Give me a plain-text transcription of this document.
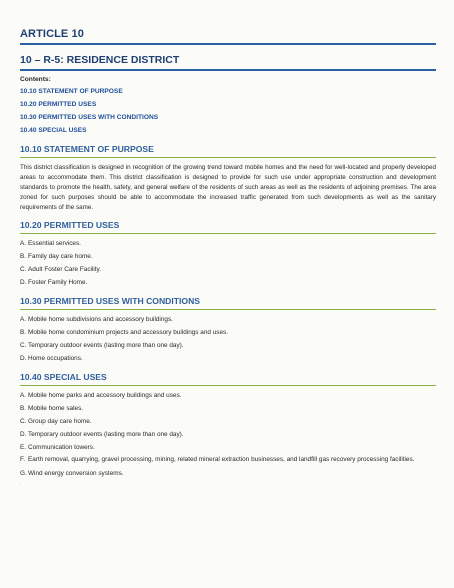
ARTICLE 10
10 – R-5: RESIDENCE DISTRICT
Contents:
10.10 STATEMENT OF PURPOSE
10.20 PERMITTED USES
10.30 PERMITTED USES WITH CONDITIONS
10.40 SPECIAL USES
10.10 STATEMENT OF PURPOSE
This district classification is designed in recognition of the growing trend toward mobile homes and the need for well-located and properly developed areas to accommodate them. This district classification is designed to provide for such use under appropriate construction and development standards to promote the health, safety, and general welfare of the residents of such areas as well as the residents of adjoining premises. The area zoned for such purposes should be able to accommodate the increased traffic generated from such developments as well as the sanitary requirements of the same.
10.20 PERMITTED USES
A. Essential services.
B. Family day care home.
C. Adult Foster Care Facility.
D. Foster Family Home.
10.30 PERMITTED USES WITH CONDITIONS
A. Mobile home subdivisions and accessory buildings.
B. Mobile home condominium projects and accessory buildings and uses.
C. Temporary outdoor events (lasting more than one day).
D. Home occupations.
10.40 SPECIAL USES
A. Mobile home parks and accessory buildings and uses.
B. Mobile home sales.
C. Group day care home.
D. Temporary outdoor events (lasting more than one day).
E. Communication towers.
F. Earth removal, quarrying, gravel processing, mining, related mineral extraction businesses, and landfill gas recovery processing facilities.
G. Wind energy conversion systems.
·
